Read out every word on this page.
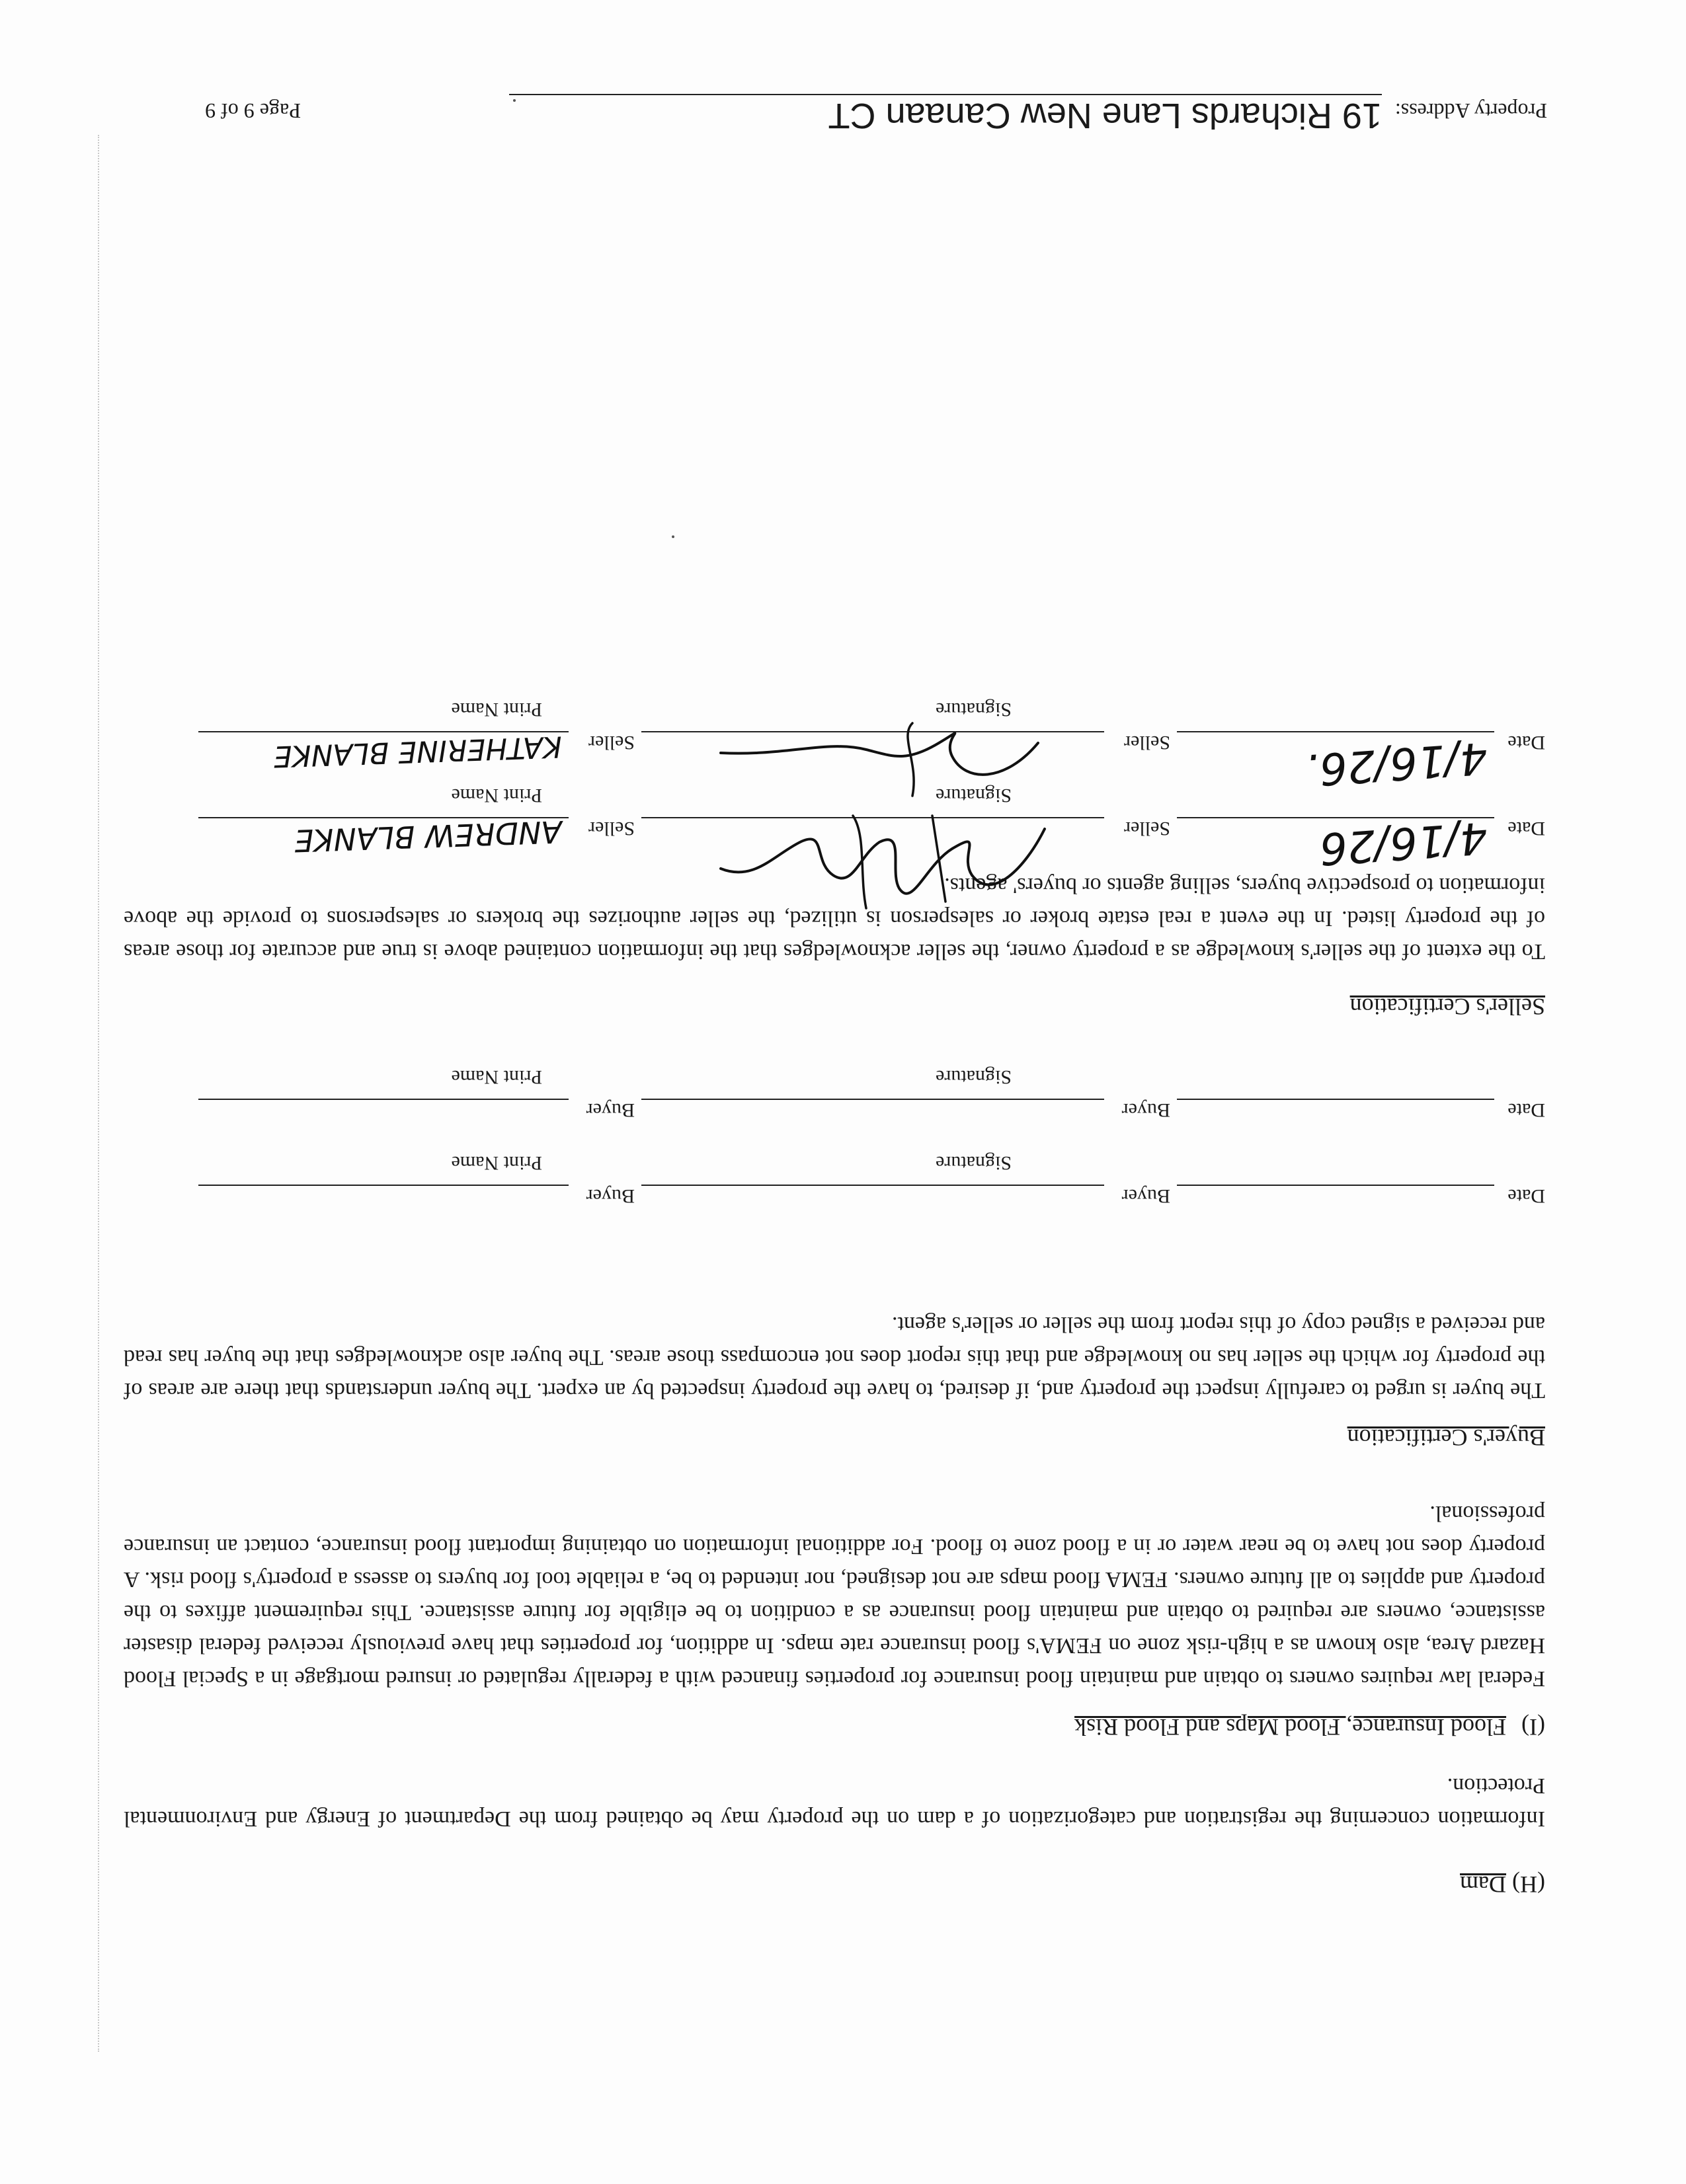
Property Address:
19 Richards Lane New Canaan CT
Page 9 of 9
(H) Dam
Information concerning the registration and categorization of a dam on the property may be obtained from the Department of Energy and Environmental Protection.
(I) Flood Insurance, Flood Maps and Flood Risk
Federal law requires owners to obtain and maintain flood insurance for properties financed with a federally regulated or insured mortgage in a Special Flood Hazard Area, also known as a high-risk zone on FEMA's flood insurance rate maps. In addition, for properties that have previously received federal disaster assistance, owners are required to obtain and maintain flood insurance as a condition to be eligible for future assistance. This requirement affixes to the property and applies to all future owners. FEMA flood maps are not designed, nor intended to be, a reliable tool for buyers to assess a property's flood risk. A property does not have to be near water or in a flood zone to flood. For additional information on obtaining important flood insurance, contact an insurance professional.
Buyer's Certification
The buyer is urged to carefully inspect the property and, if desired, to have the property inspected by an expert. The buyer understands that there are areas of the property for which the seller has no knowledge and that this report does not encompass those areas. The buyer also acknowledges that the buyer has read and received a signed copy of this report from the seller or seller's agent.
Date
Buyer
Buyer
Signature
Print Name
Date
Buyer
Buyer
Signature
Print Name
Seller's Certification
To the extent of the seller's knowledge as a property owner, the seller acknowledges that the information contained above is true and accurate for those areas of the property listed. In the event a real estate broker or salesperson is utilized, the seller authorizes the brokers or salespersons to provide the above information to prospective buyers, selling agents or buyers' agents.
Date
4/16/26
Seller
Seller
ANDREW BLANKE
Signature
Print Name
Date
4/16/26.
Seller
Seller
KATHERINE BLANKE
Signature
Print Name
